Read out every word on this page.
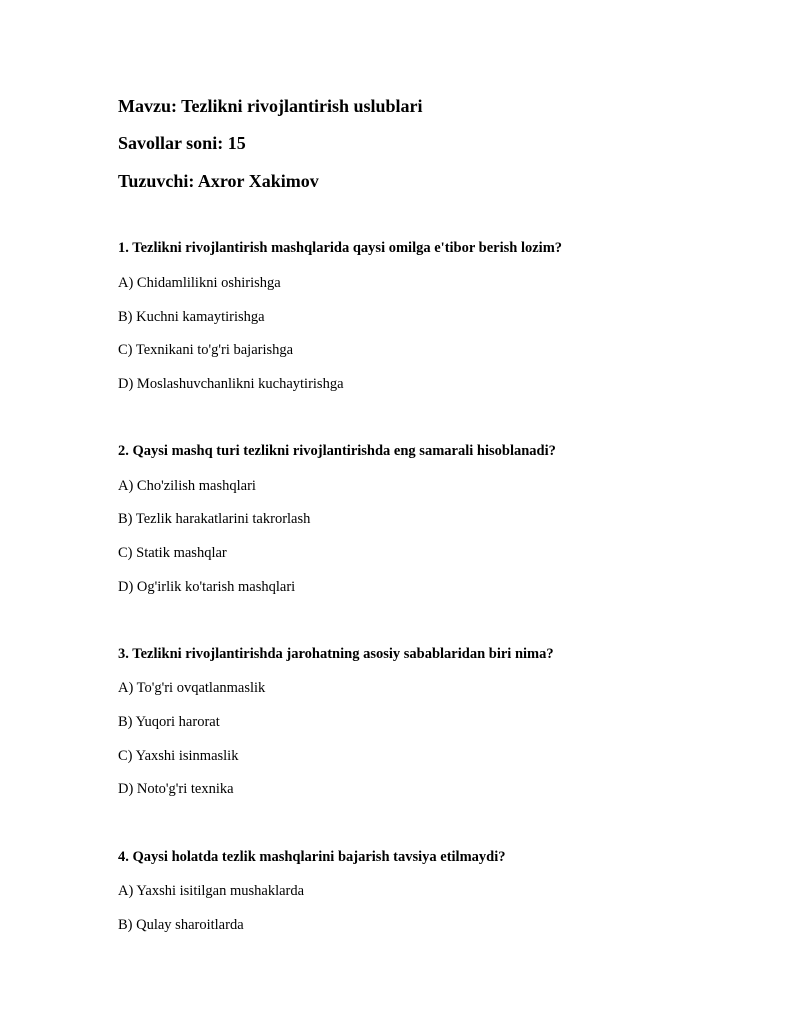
Mavzu: Tezlikni rivojlantirish uslublari
Savollar soni: 15
Tuzuvchi: Axror Xakimov
1. Tezlikni rivojlantirish mashqlarida qaysi omilga e'tibor berish lozim?
A) Chidamlilikni oshirishga
B) Kuchni kamaytirishga
C) Texnikani to'g'ri bajarishga
D) Moslashuvchanlikni kuchaytirishga
2. Qaysi mashq turi tezlikni rivojlantirishda eng samarali hisoblanadi?
A) Cho'zilish mashqlari
B) Tezlik harakatlarini takrorlash
C) Statik mashqlar
D) Og'irlik ko'tarish mashqlari
3. Tezlikni rivojlantirishda jarohatning asosiy sabablaridan biri nima?
A) To'g'ri ovqatlanmaslik
B) Yuqori harorat
C) Yaxshi isinmaslik
D) Noto'g'ri texnika
4. Qaysi holatda tezlik mashqlarini bajarish tavsiya etilmaydi?
A) Yaxshi isitilgan mushaklarda
B) Qulay sharoitlarda
